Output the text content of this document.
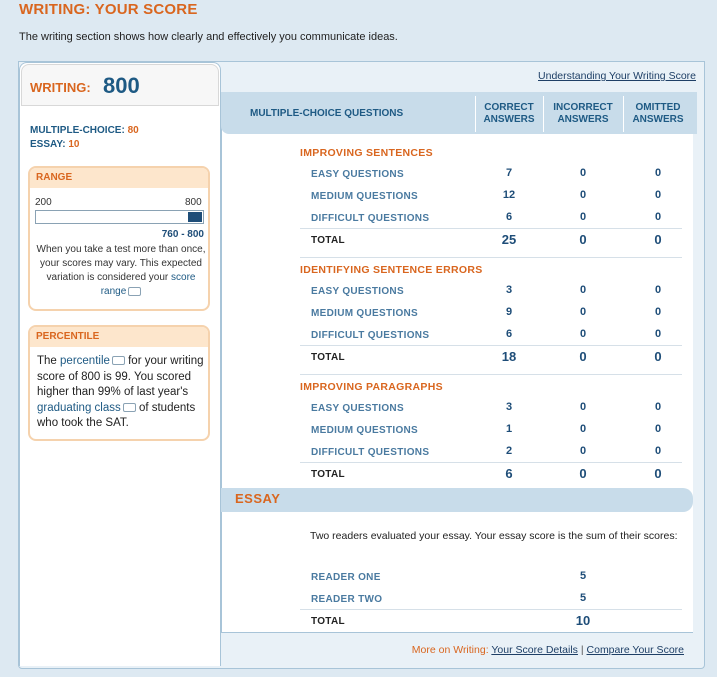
WRITING: YOUR SCORE
The writing section shows how clearly and effectively you communicate ideas.
WRITING: 800
MULTIPLE-CHOICE: 80
ESSAY: 10
RANGE
200	800
760 - 800
When you take a test more than once, your scores may vary. This expected variation is considered your score range
PERCENTILE
The percentile for your writing score of 800 is 99. You scored higher than 99% of last year's graduating class of students who took the SAT.
Understanding Your Writing Score
MULTIPLE-CHOICE QUESTIONS
CORRECT ANSWERS
INCORRECT ANSWERS
OMITTED ANSWERS
IMPROVING SENTENCES
EASY QUESTIONS	7	0	0
MEDIUM QUESTIONS	12	0	0
DIFFICULT QUESTIONS	6	0	0
TOTAL	25	0	0
IDENTIFYING SENTENCE ERRORS
EASY QUESTIONS	3	0	0
MEDIUM QUESTIONS	9	0	0
DIFFICULT QUESTIONS	6	0	0
TOTAL	18	0	0
IMPROVING PARAGRAPHS
EASY QUESTIONS	3	0	0
MEDIUM QUESTIONS	1	0	0
DIFFICULT QUESTIONS	2	0	0
TOTAL	6	0	0
ESSAY
Two readers evaluated your essay. Your essay score is the sum of their scores:
READER ONE	5
READER TWO	5
TOTAL	10
More on Writing: Your Score Details | Compare Your Score
